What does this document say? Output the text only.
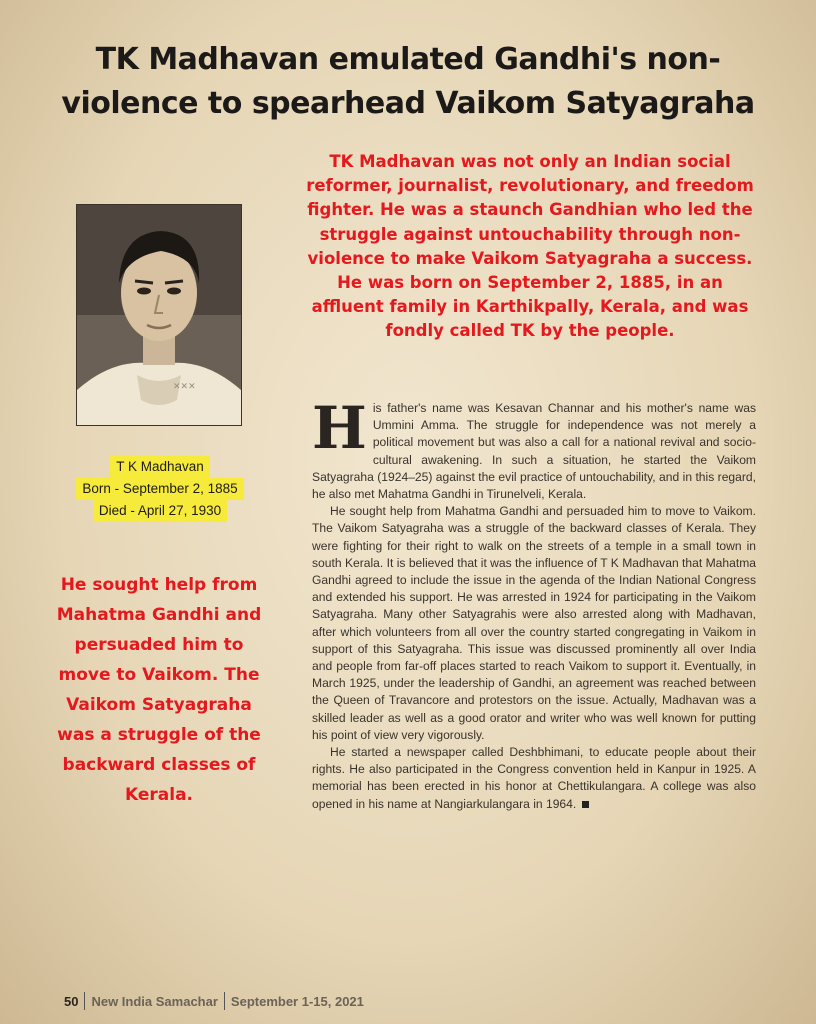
TK Madhavan emulated Gandhi's non-violence to spearhead Vaikom Satyagraha

TK Madhavan was not only an Indian social reformer, journalist, revolutionary, and freedom fighter. He was a staunch Gandhian who led the struggle against untouchability through non-violence to make Vaikom Satyagraha a success. He was born on September 2, 1885, in an affluent family in Karthikpally, Kerala, and was fondly called TK by the people.

✕✕✕
T K Madhavan
Born - September 2, 1885
Died - April 27, 1930

He sought help from Mahatma Gandhi and persuaded him to move to Vaikom. The Vaikom Satyagraha was a struggle of the backward classes of Kerala.

His father's name was Kesavan Channar and his mother's name was Ummini Amma. The struggle for independence was not merely a political movement but was also a call for a national revival and socio-cultural awakening. In such a situation, he started the Vaikom Satyagraha (1924–25) against the evil practice of untouchability, and in this regard, he also met Mahatma Gandhi in Tirunelveli, Kerala.

He sought help from Mahatma Gandhi and persuaded him to move to Vaikom. The Vaikom Satyagraha was a struggle of the backward classes of Kerala. They were fighting for their right to walk on the streets of a temple in a small town in south Kerala. It is believed that it was the influence of T K Madhavan that Mahatma Gandhi agreed to include the issue in the agenda of the Indian National Congress and extended his support. He was arrested in 1924 for participating in the Vaikom Satyagraha. Many other Satyagrahis were also arrested along with Madhavan, after which volunteers from all over the country started congregating in Vaikom in support of this Satyagraha. This issue was discussed prominently all over India and people from far-off places started to reach Vaikom to support it. Eventually, in March 1925, under the leadership of Gandhi, an agreement was reached between the Queen of Travancore and protestors on the issue. Actually, Madhavan was a skilled leader as well as a good orator and writer who was well known for putting his point of view very vigorously.

He started a newspaper called Deshbhimani, to educate people about their rights. He also participated in the Congress convention held in Kanpur in 1925. A memorial has been erected in his honor at Chettikulangara. A college was also opened in his name at Nangiarkulangara in 1964.

50 New India Samachar September 1-15, 2021
